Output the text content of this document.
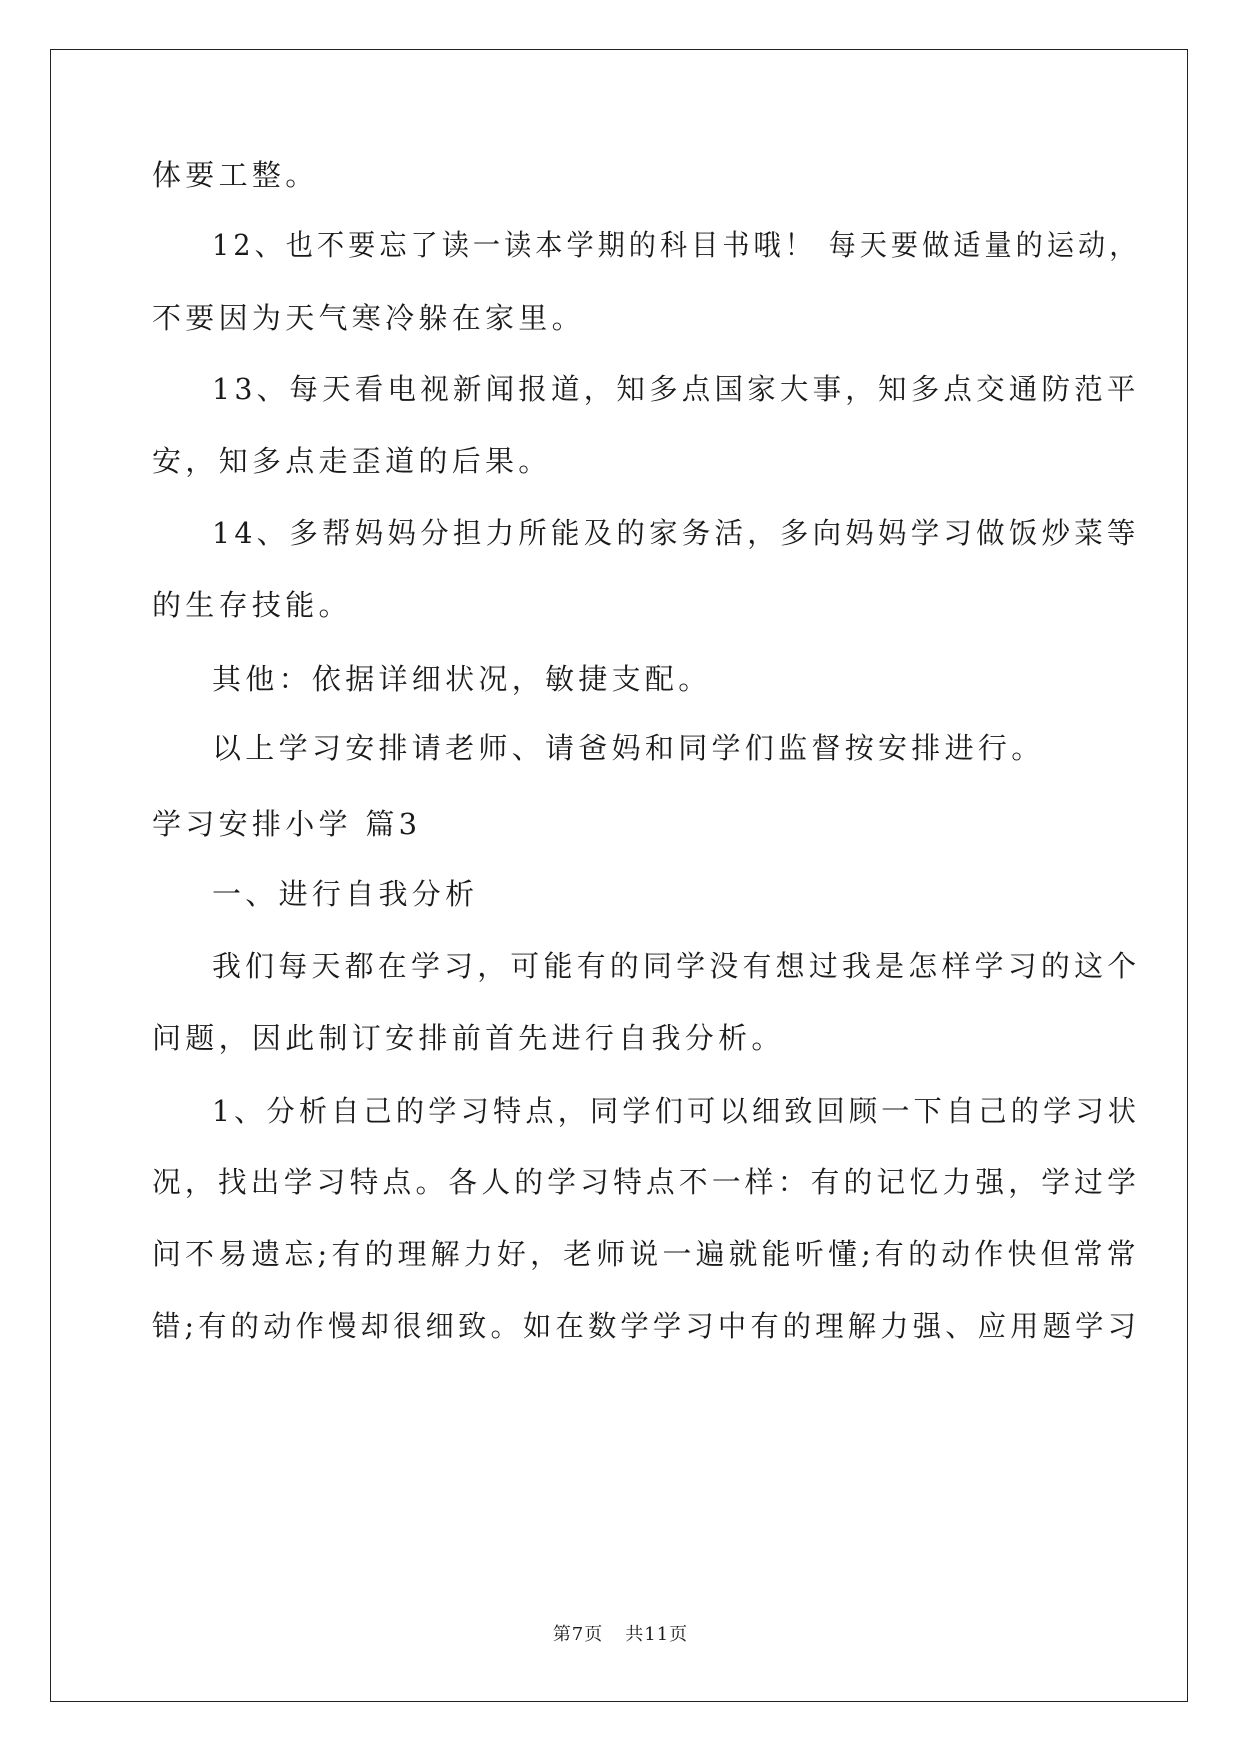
体要工整。
12、也不要忘了读一读本学期的科目书哦！ 每天要做适量的运动，
不要因为天气寒冷躲在家里。
13、每天看电视新闻报道，知多点国家大事，知多点交通防范平
安，知多点走歪道的后果。
14、多帮妈妈分担力所能及的家务活，多向妈妈学习做饭炒菜等
的生存技能。
其他：依据详细状况，敏捷支配。
以上学习安排请老师、请爸妈和同学们监督按安排进行。
学习安排小学 篇3
一、进行自我分析
我们每天都在学习，可能有的同学没有想过我是怎样学习的这个
问题，因此制订安排前首先进行自我分析。
1、分析自己的学习特点，同学们可以细致回顾一下自己的学习状
况，找出学习特点。各人的学习特点不一样：有的记忆力强，学过学
问不易遗忘;有的理解力好，老师说一遍就能听懂;有的动作快但常常
错;有的动作慢却很细致。如在数学学习中有的理解力强、应用题学习
第7页 共11页
